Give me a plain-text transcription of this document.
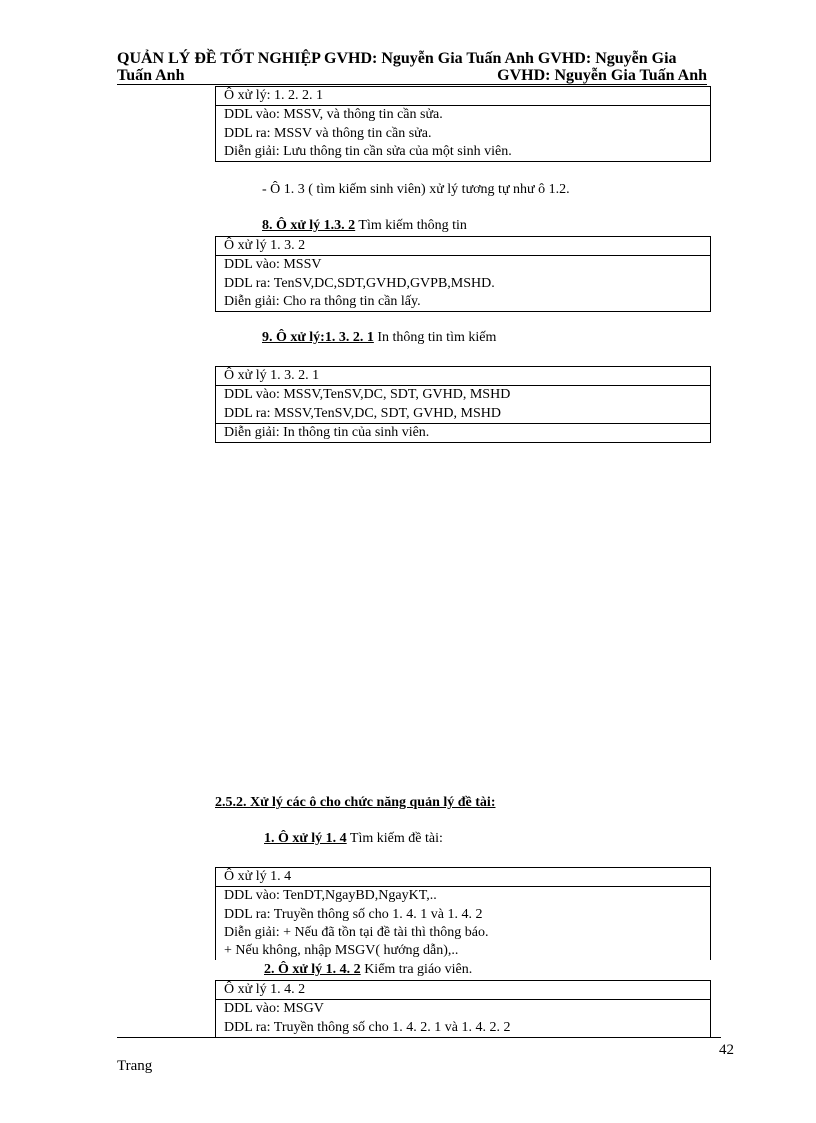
QUẢN LÝ ĐỀ TỐT NGHIỆP GVHD: Nguyễn Gia Tuấn Anh GVHD: Nguyễn Gia
Tuấn Anh	GVHD: Nguyễn Gia Tuấn Anh
Ô xử lý: 1. 2. 2. 1
DDL vào: MSSV, và thông tin cần sửa.
DDL ra: MSSV và thông tin cần sửa.
Diễn giải: Lưu thông tin cần sửa của một sinh viên.
- Ô 1. 3 ( tìm kiếm sinh viên) xử lý tương tự như ô 1.2.
8. Ô xử lý 1.3. 2 Tìm kiếm thông tin
Ô xử lý 1. 3. 2
DDL vào: MSSV
DDL ra: TenSV,DC,SDT,GVHD,GVPB,MSHD.
Diễn giải: Cho ra thông tin cần lấy.
9. Ô xử lý:1. 3. 2. 1 In thông tin tìm kiếm
Ô xử lý 1. 3. 2. 1
DDL vào: MSSV,TenSV,DC, SDT, GVHD, MSHD
DDL ra: MSSV,TenSV,DC, SDT, GVHD, MSHD
Diễn giải: In thông tin của sinh viên.
2.5.2. Xử lý các ô cho chức năng quản lý đề tài:
1. Ô xử lý 1. 4 Tìm kiếm đề tài:
Ô xử lý 1. 4
DDL vào: TenDT,NgayBD,NgayKT,..
DDL ra: Truyền thông số cho 1. 4. 1 và 1. 4. 2
Diễn giải: + Nếu đã tồn tại đề tài thì thông báo.
+ Nếu không, nhập MSGV( hướng dẫn),..
2. Ô xử lý 1. 4. 2 Kiểm tra giáo viên.
Ô xử lý 1. 4. 2
DDL vào: MSGV
DDL ra: Truyền thông số cho 1. 4. 2. 1 và 1. 4. 2. 2
42
Trang
